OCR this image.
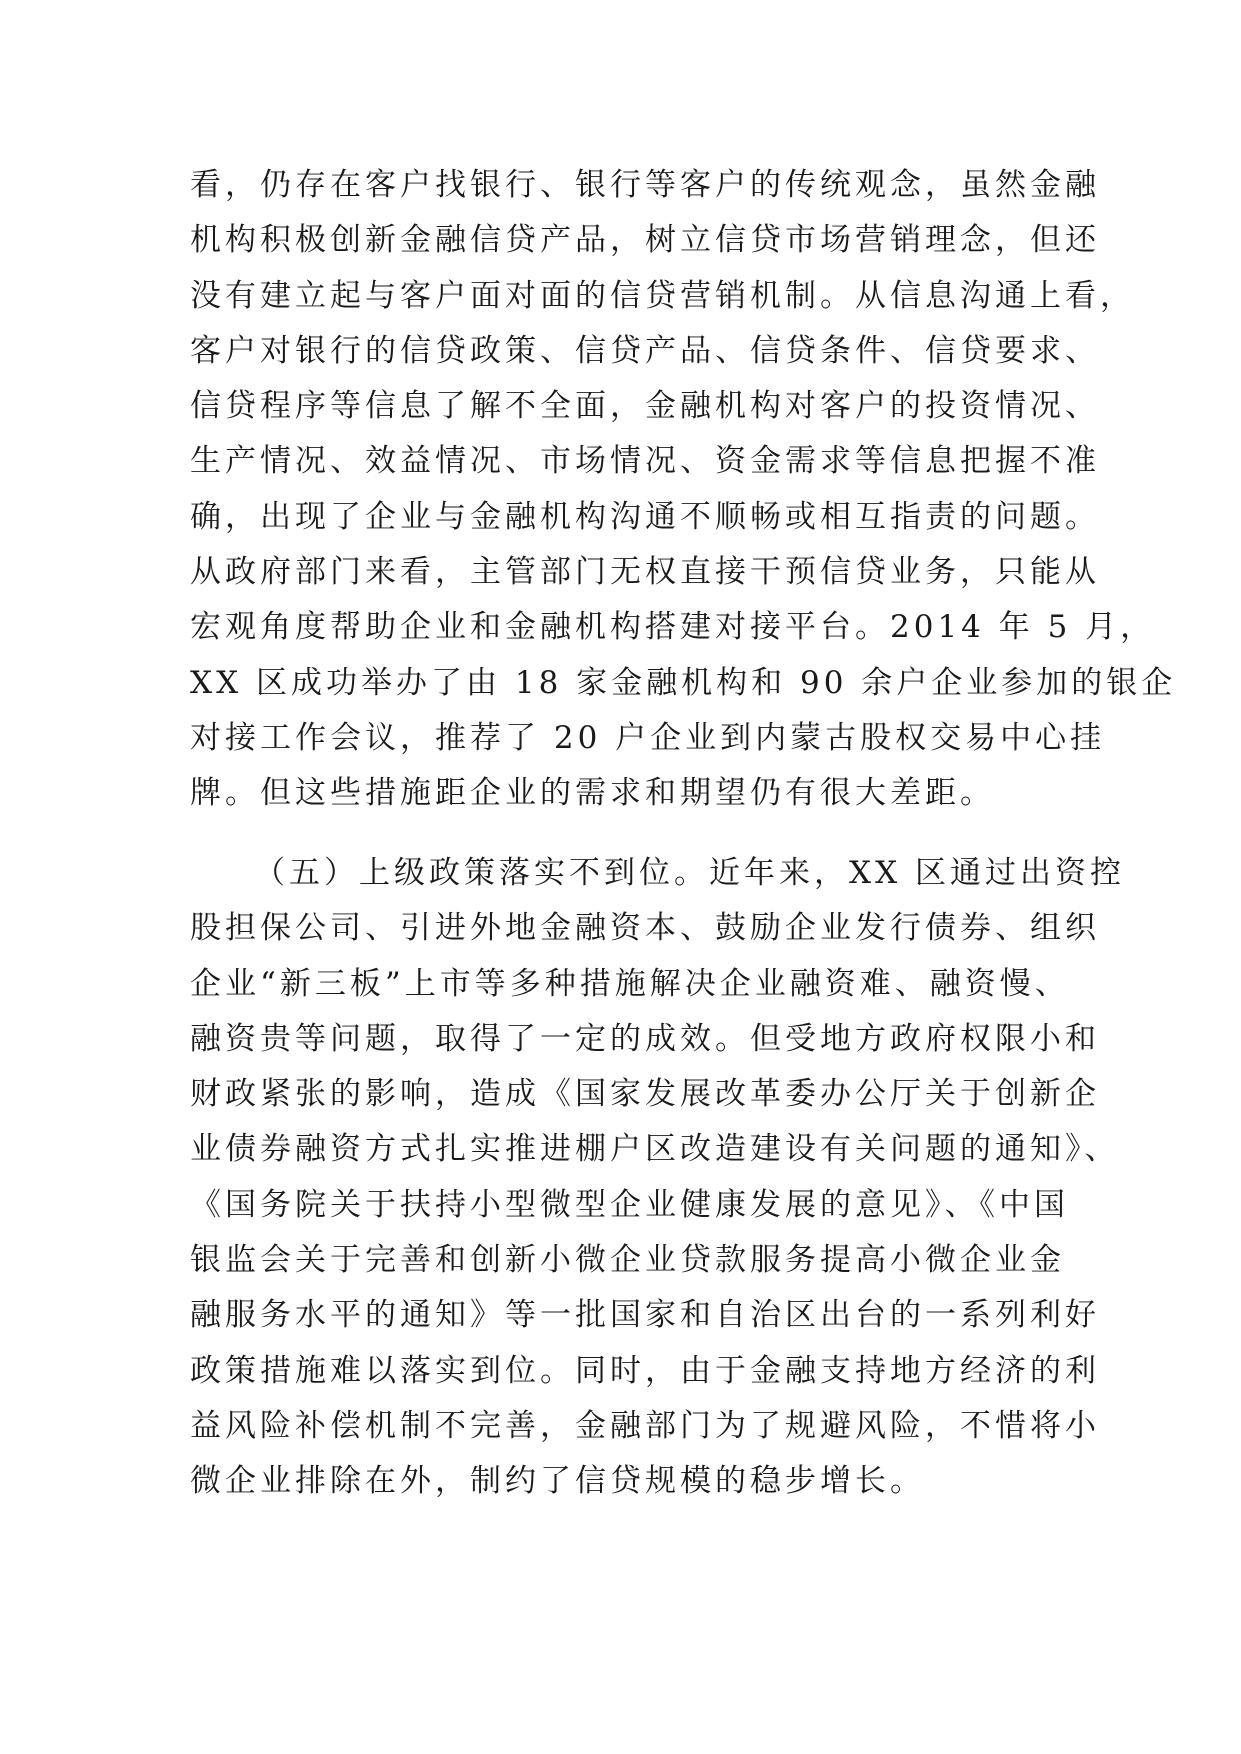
看，仍存在客户找银行、银行等客户的传统观念，虽然金融
机构积极创新金融信贷产品，树立信贷市场营销理念，但还
没有建立起与客户面对面的信贷营销机制。从信息沟通上看，
客户对银行的信贷政策、信贷产品、信贷条件、信贷要求、
信贷程序等信息了解不全面，金融机构对客户的投资情况、
生产情况、效益情况、市场情况、资金需求等信息把握不准
确，出现了企业与金融机构沟通不顺畅或相互指责的问题。
从政府部门来看，主管部门无权直接干预信贷业务，只能从
宏观角度帮助企业和金融机构搭建对接平台。2014 年 5 月，
XX 区成功举办了由 18 家金融机构和 90 余户企业参加的银企
对接工作会议，推荐了 20 户企业到内蒙古股权交易中心挂
牌。但这些措施距企业的需求和期望仍有很大差距。
（五）上级政策落实不到位。近年来，XX 区通过出资控
股担保公司、引进外地金融资本、鼓励企业发行债券、组织
企业“新三板”上市等多种措施解决企业融资难、融资慢、
融资贵等问题，取得了一定的成效。但受地方政府权限小和
财政紧张的影响，造成《国家发展改革委办公厅关于创新企
业债券融资方式扎实推进棚户区改造建设有关问题的通知》、
《国务院关于扶持小型微型企业健康发展的意见》、《中国
银监会关于完善和创新小微企业贷款服务提高小微企业金
融服务水平的通知》等一批国家和自治区出台的一系列利好
政策措施难以落实到位。同时，由于金融支持地方经济的利
益风险补偿机制不完善，金融部门为了规避风险，不惜将小
微企业排除在外，制约了信贷规模的稳步增长。
